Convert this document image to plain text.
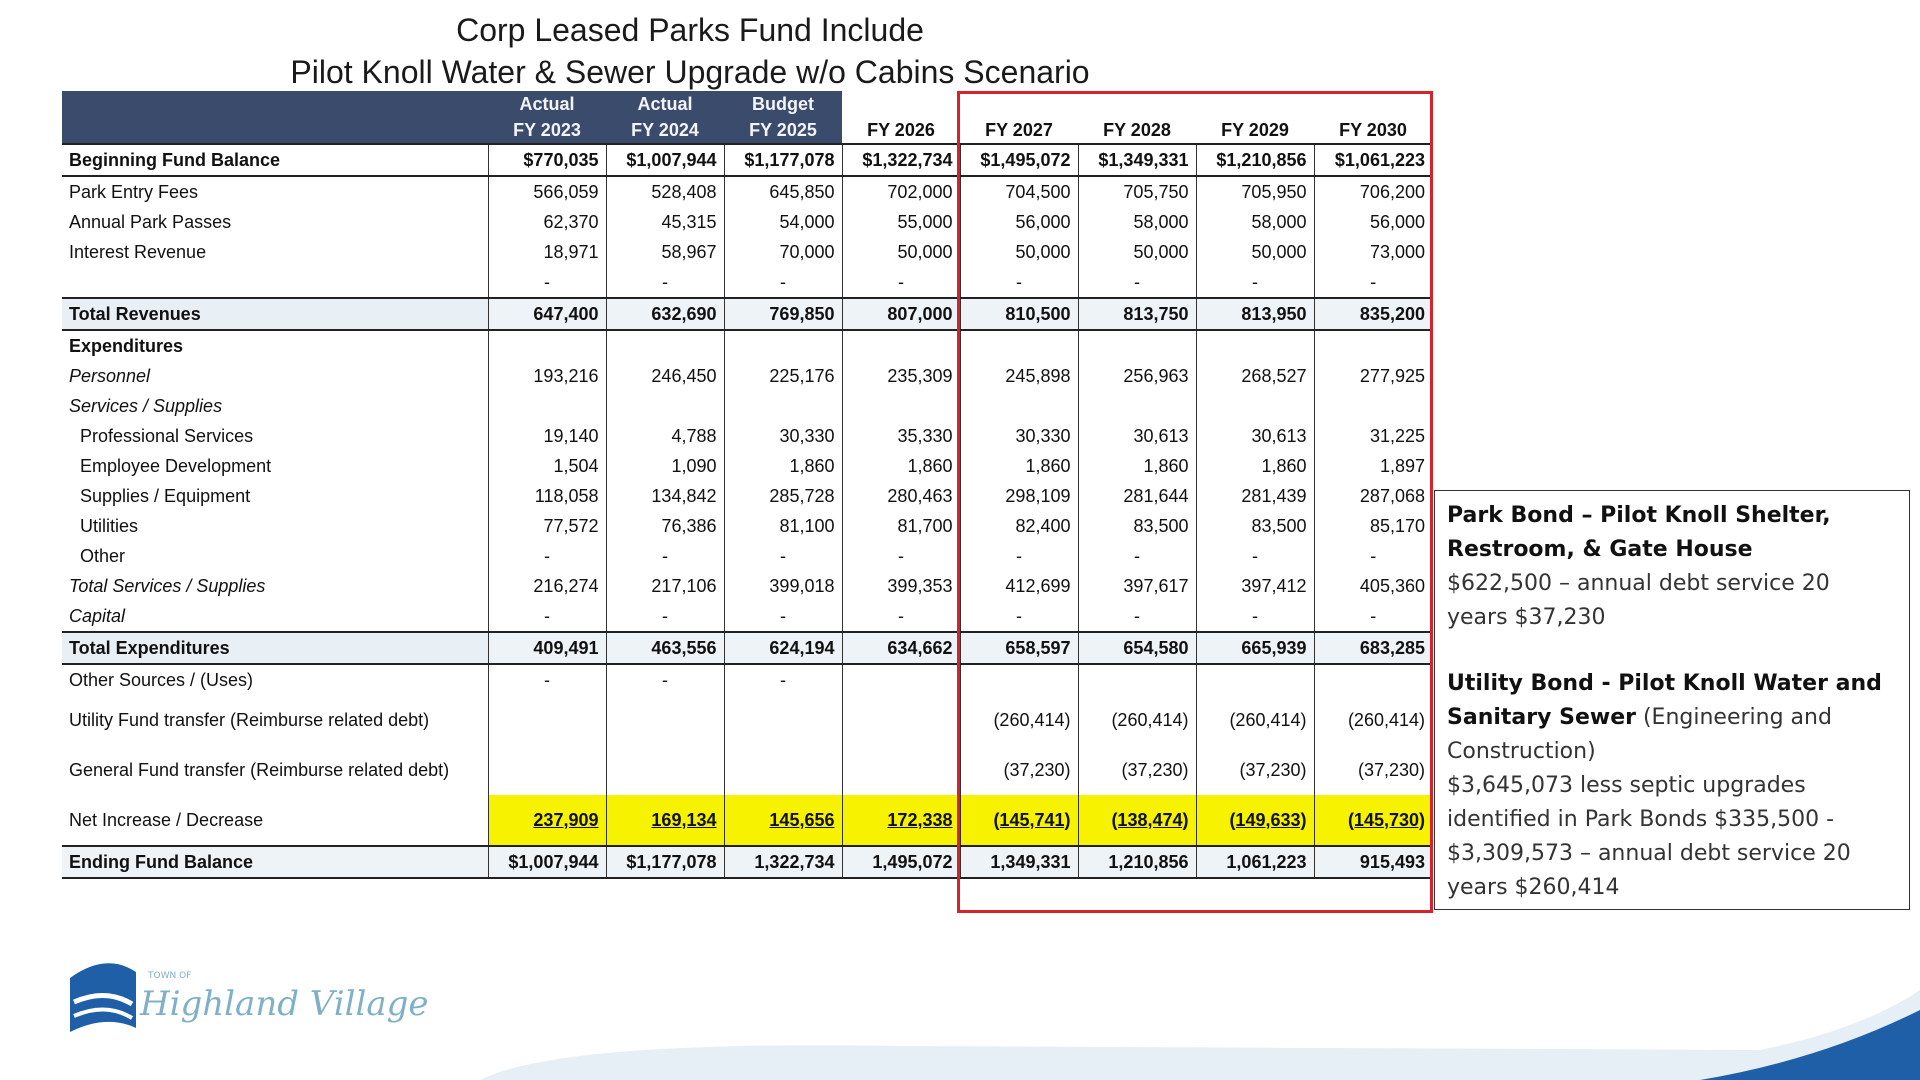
Corp Leased Parks Fund Include
Pilot Knoll Water & Sewer Upgrade w/o Cabins Scenario
	Actual	Actual	Budget					
	FY 2023	FY 2024	FY 2025	FY 2026	FY 2027	FY 2028	FY 2029	FY 2030
Beginning Fund Balance	$770,035	$1,007,944	$1,177,078	$1,322,734	$1,495,072	$1,349,331	$1,210,856	$1,061,223
Park Entry Fees	566,059	528,408	645,850	702,000	704,500	705,750	705,950	706,200
Annual Park Passes	62,370	45,315	54,000	55,000	56,000	58,000	58,000	56,000
Interest Revenue	18,971	58,967	70,000	50,000	50,000	50,000	50,000	73,000
	-	-	-	-	-	-	-	-
Total Revenues	647,400	632,690	769,850	807,000	810,500	813,750	813,950	835,200
Expenditures								
Personnel	193,216	246,450	225,176	235,309	245,898	256,963	268,527	277,925
Services / Supplies								
Professional Services	19,140	4,788	30,330	35,330	30,330	30,613	30,613	31,225
Employee Development	1,504	1,090	1,860	1,860	1,860	1,860	1,860	1,897
Supplies / Equipment	118,058	134,842	285,728	280,463	298,109	281,644	281,439	287,068
Utilities	77,572	76,386	81,100	81,700	82,400	83,500	83,500	85,170
Other	-	-	-	-	-	-	-	-
Total Services / Supplies	216,274	217,106	399,018	399,353	412,699	397,617	397,412	405,360
Capital	-	-	-	-	-	-	-	-
Total Expenditures	409,491	463,556	624,194	634,662	658,597	654,580	665,939	683,285
Other Sources / (Uses)	-	-	-					
Utility Fund transfer (Reimburse related debt)					(260,414)	(260,414)	(260,414)	(260,414)
General Fund transfer (Reimburse related debt)					(37,230)	(37,230)	(37,230)	(37,230)
Net Increase / Decrease	237,909	169,134	145,656	172,338	(145,741)	(138,474)	(149,633)	(145,730)
Ending Fund Balance	$1,007,944	$1,177,078	1,322,734	1,495,072	1,349,331	1,210,856	1,061,223	915,493

Park Bond – Pilot Knoll Shelter, Restroom, & Gate House
$622,500 – annual debt service 20 years $37,230

Utility Bond - Pilot Knoll Water and Sanitary Sewer (Engineering and Construction)
$3,645,073 less septic upgrades identified in Park Bonds $335,500 - $3,309,573 – annual debt service 20 years $260,414

TOWN OF
Highland Village
